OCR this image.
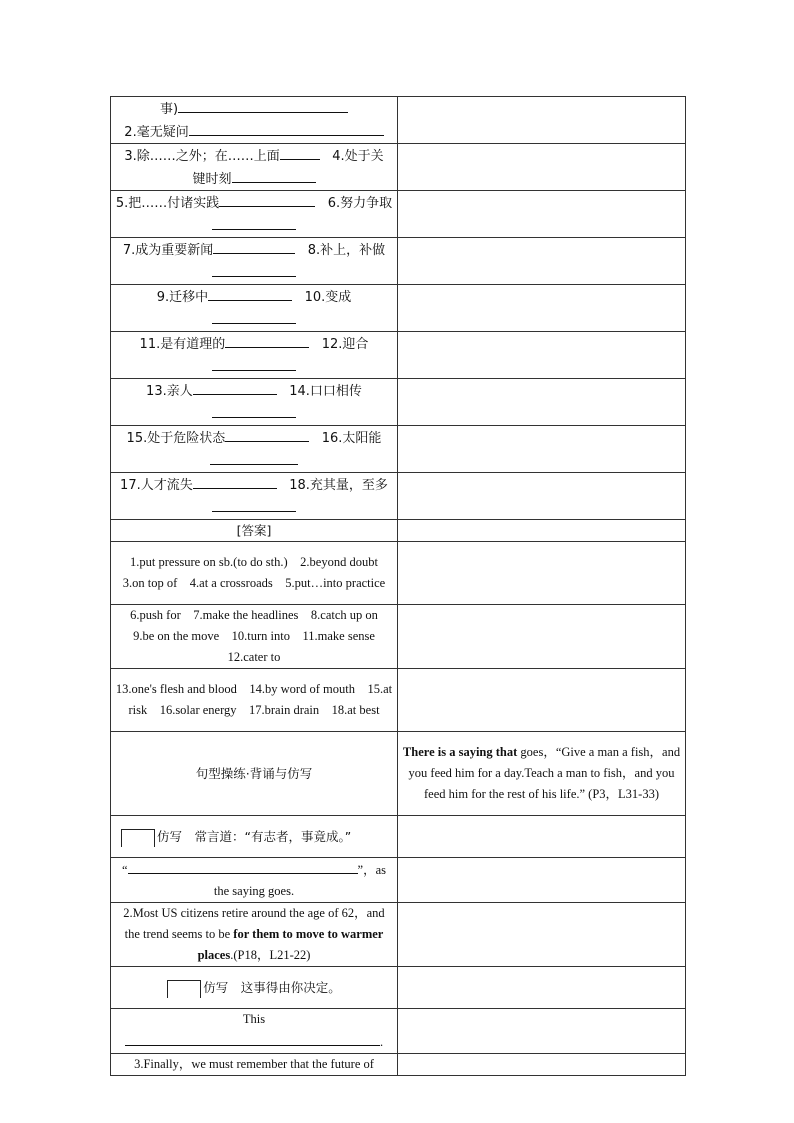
事)
2.毫无疑问	

3.除……之外；在……上面　 4.处于关
键时刻	

5.把……付诸实践　 6.努力争取	

7.成为重要新闻　 8.补上，补做	

9.迁移中　 10.变成	

11.是有道理的　 12.迎合	

13.亲人　 14.口口相传	

15.处于危险状态　 16.太阳能	

17.人才流失　 18.充其量，至多	

[答案]	
1.put pressure on sb.(to do sth.)　2.beyond doubt　3.on top of　4.at a crossroads　5.put…into practice	
6.push for　7.make the headlines　8.catch up on　9.be on the move　10.turn into　11.make sense　12.cater to	
13.one's flesh and blood　14.by word of mouth　15.at risk　16.solar energy　17.brain drain　18.at best	
句型操练·背诵与仿写	There is a saying that goes，“Give a man a fish，and you feed him for a day.Teach a man to fish，and you feed him for the rest of his life.” (P3，L31-33)
仿写　 常言道：“有志者，事竟成。”	

“ ”，as
the saying goes.	

2.Most US citizens retire around the age of 62，and the trend seems to be for them to move to warmer places.(P18，L21-22)	
仿写　 这事得由你决定。	

This
.	

3.Finally，we must remember that the future of	
